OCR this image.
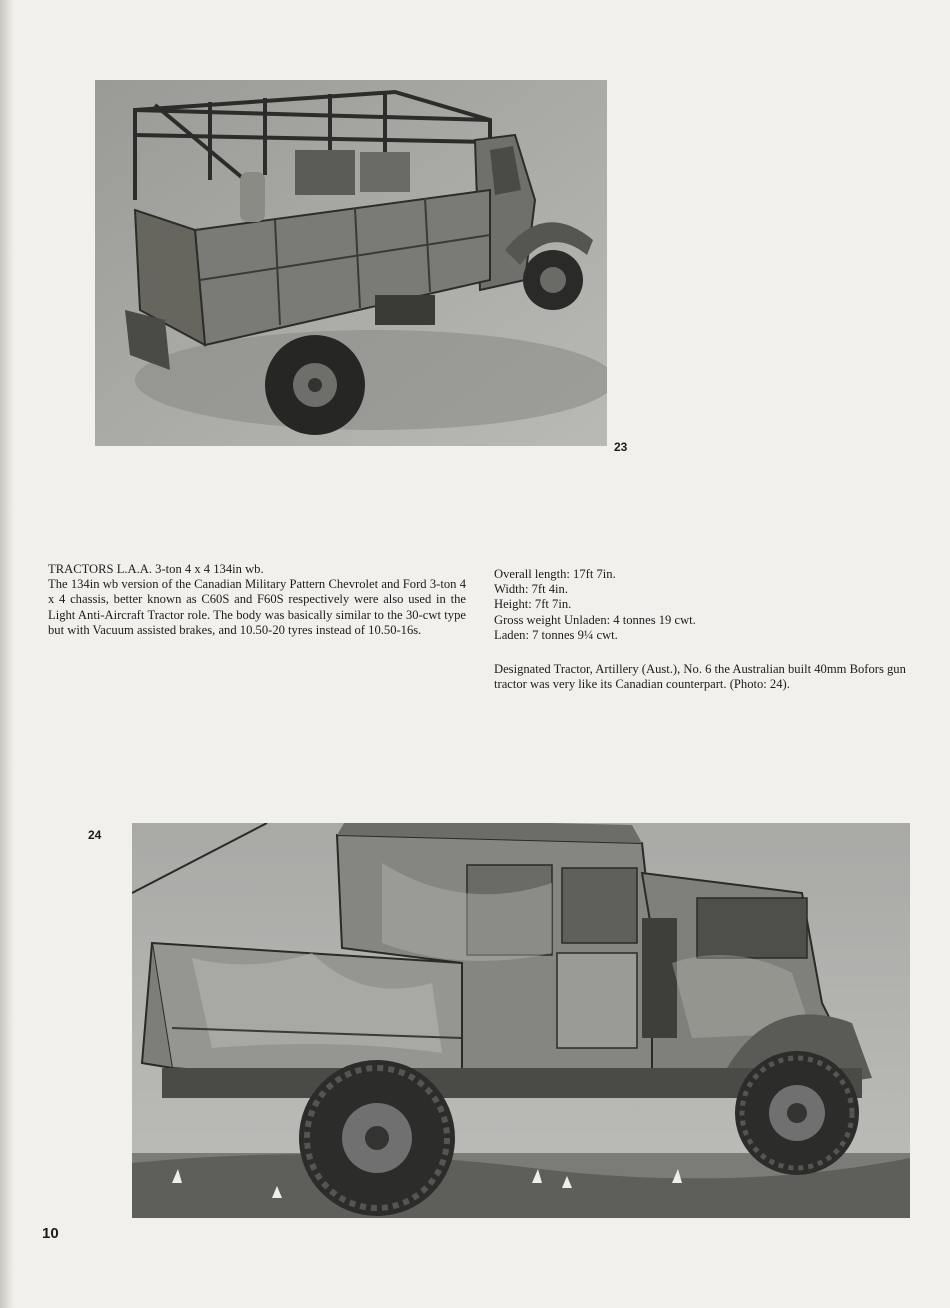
23

TRACTORS L.A.A. 3-ton 4 x 4 134in wb.

The 134in wb version of the Canadian Military Pattern Chevrolet and Ford 3-ton 4 x 4 chassis, better known as C60S and F60S respectively were also used in the Light Anti-Aircraft Tractor role. The body was basically similar to the 30-cwt type but with Vacuum assisted brakes, and 10.50-20 tyres instead of 10.50-16s.

Overall length: 17ft 7in.
Width: 7ft 4in.
Height: 7ft 7in.
Gross weight Unladen: 4 tonnes 19 cwt.
Laden: 7 tonnes 9¼ cwt.

Designated Tractor, Artillery (Aust.), No. 6 the Australian built 40mm Bofors gun tractor was very like its Canadian counterpart. (Photo: 24).

24
10
